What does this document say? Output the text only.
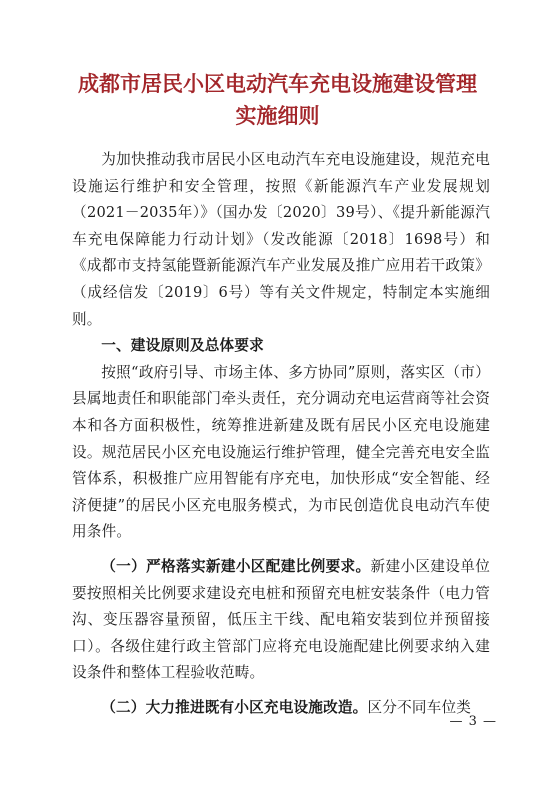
成都市居民小区电动汽车充电设施建设管理
实施细则

为加快推动我市居民小区电动汽车充电设施建设，规范充电设施运行维护和安全管理，按照《新能源汽车产业发展规划（2021－2035年）》（国办发〔2020〕39号）、《提升新能源汽车充电保障能力行动计划》（发改能源〔2018〕1698号）和《成都市支持氢能暨新能源汽车产业发展及推广应用若干政策》（成经信发〔2019〕6号）等有关文件规定，特制定本实施细则。

一、建设原则及总体要求

按照“政府引导、市场主体、多方协同”原则，落实区（市）县属地责任和职能部门牵头责任，充分调动充电运营商等社会资本和各方面积极性，统筹推进新建及既有居民小区充电设施建设。规范居民小区充电设施运行维护管理，健全完善充电安全监管体系，积极推广应用智能有序充电，加快形成“安全智能、经济便捷”的居民小区充电服务模式，为市民创造优良电动汽车使用条件。

（一）严格落实新建小区配建比例要求。新建小区建设单位要按照相关比例要求建设充电桩和预留充电桩安装条件（电力管沟、变压器容量预留，低压主干线、配电箱安装到位并预留接口）。各级住建行政主管部门应将充电设施配建比例要求纳入建设条件和整体工程验收范畴。

（二）大力推进既有小区充电设施改造。区分不同车位类

— 3 —
